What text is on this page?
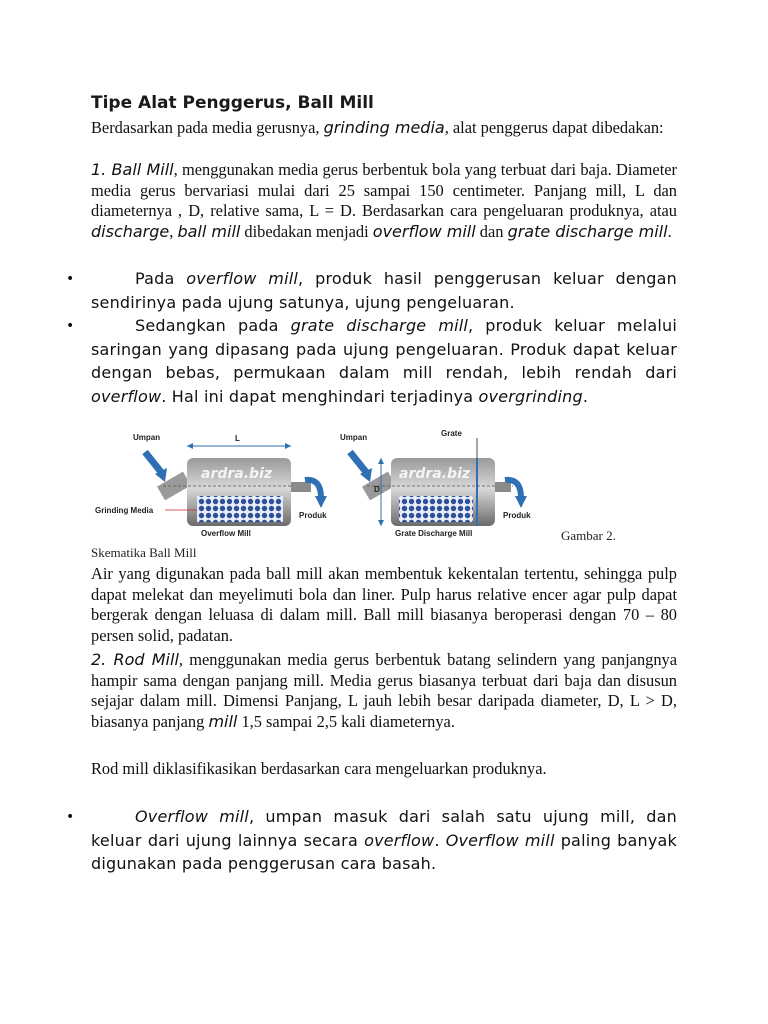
Tipe Alat Penggerus, Ball Mill

Berdasarkan pada media gerusnya, grinding media, alat penggerus dapat dibedakan:

1. Ball Mill, menggunakan media gerus berbentuk bola yang terbuat dari baja. Diameter media gerus bervariasi mulai dari 25 sampai 150 centimeter. Panjang mill, L dan diameternya , D, relative sama, L = D. Berdasarkan cara pengeluaran produknya, atau discharge, ball mill dibedakan menjadi overflow mill dan grate discharge mill.

Pada overflow mill, produk hasil penggerusan keluar dengan sendirinya pada ujung satunya, ujung pengeluaran.

Sedangkan pada grate discharge mill, produk keluar melalui saringan yang dipasang pada ujung pengeluaran. Produk dapat keluar dengan bebas, permukaan dalam mill rendah, lebih rendah dari overflow. Hal ini dapat menghindari terjadinya overgrinding.

Air yang digunakan pada ball mill akan membentuk kekentalan tertentu, sehingga pulp dapat melekat dan meyelimuti bola dan liner. Pulp harus relative encer agar pulp dapat bergerak dengan leluasa di dalam mill. Ball mill biasanya beroperasi dengan 70 – 80 persen solid, padatan.

2. Rod Mill, menggunakan media gerus berbentuk batang selindern yang panjangnya hampir sama dengan panjang mill. Media gerus biasanya terbuat dari baja dan disusun sejajar dalam mill. Dimensi Panjang, L jauh lebih besar daripada diameter, D, L > D, biasanya panjang mill 1,5 sampai 2,5 kali diameternya.

Rod mill diklasifikasikan berdasarkan cara mengeluarkan produknya.

Overflow mill, umpan masuk dari salah satu ujung mill, dan keluar dari ujung lainnya secara overflow. Overflow mill paling banyak digunakan pada penggerusan cara basah.

•
•
•
ardra.biz
Umpan	L
Grinding Media
Overflow Mill
Produk
ardra.biz
Umpan	Grate
D
Grate Discharge Mill
Produk
Gambar 2.
Skematika Ball Mill
